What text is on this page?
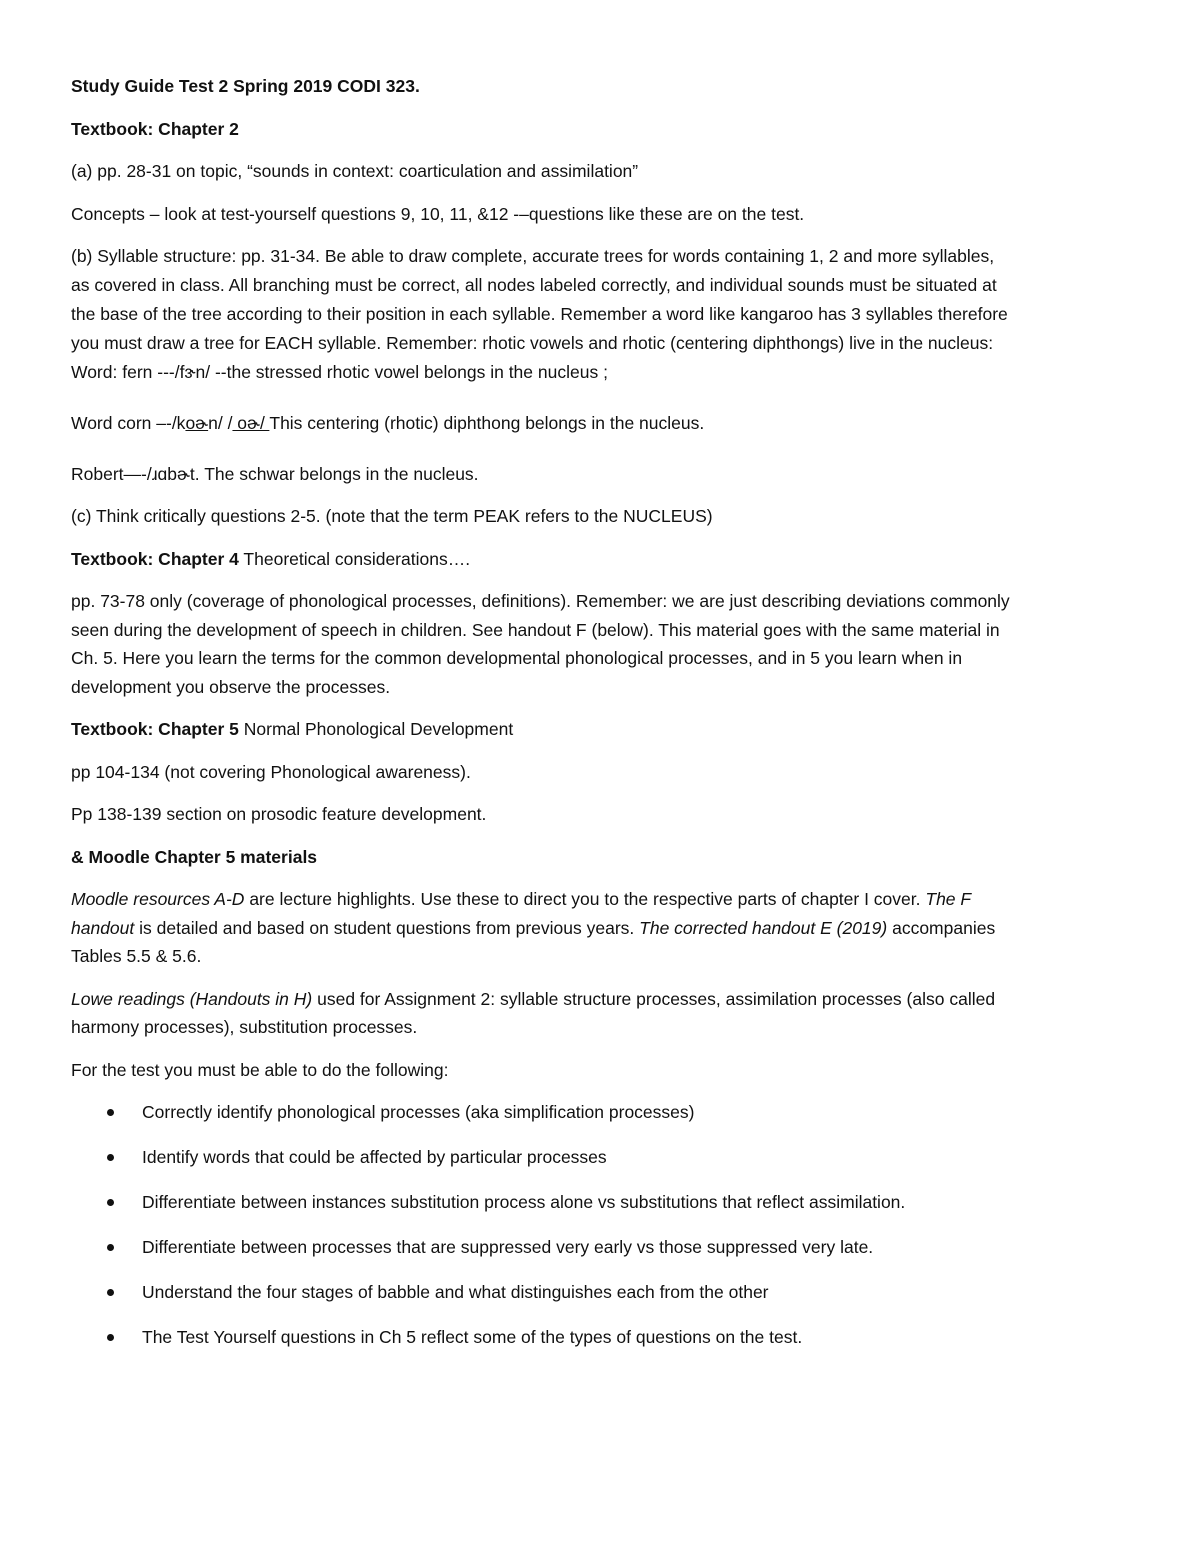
Study Guide Test 2 Spring 2019 CODI 323.

Textbook: Chapter 2

(a) pp. 28-31 on topic, “sounds in context: coarticulation and assimilation”

Concepts – look at test-yourself questions 9, 10, 11, &12 -–questions like these are on the test.

(b) Syllable structure: pp. 31-34. Be able to draw complete, accurate trees for words containing 1, 2 and more syllables,
as covered in class. All branching must be correct, all nodes labeled correctly, and individual sounds must be situated at
the base of the tree according to their position in each syllable. Remember a word like kangaroo has 3 syllables therefore
you must draw a tree for EACH syllable. Remember: rhotic vowels and rhotic (centering diphthongs) live in the nucleus:
Word: fern ---/fɝn/ --the stressed rhotic vowel belongs in the nucleus ;

Word corn –-/koɚn/ / oɚ/ This centering (rhotic) diphthong belongs in the nucleus.

Robert—-/ɹɑbɚt. The schwar belongs in the nucleus.

(c) Think critically questions 2-5. (note that the term PEAK refers to the NUCLEUS)

Textbook: Chapter 4 Theoretical considerations….

pp. 73-78 only (coverage of phonological processes, definitions). Remember: we are just describing deviations commonly
seen during the development of speech in children. See handout F (below). This material goes with the same material in
Ch. 5. Here you learn the terms for the common developmental phonological processes, and in 5 you learn when in
development you observe the processes.

Textbook: Chapter 5 Normal Phonological Development

pp 104-134 (not covering Phonological awareness).

Pp 138-139 section on prosodic feature development.

& Moodle Chapter 5 materials

Moodle resources A-D are lecture highlights. Use these to direct you to the respective parts of chapter I cover. The F
handout is detailed and based on student questions from previous years. The corrected handout E (2019) accompanies
Tables 5.5 & 5.6.

Lowe readings (Handouts in H) used for Assignment 2: syllable structure processes, assimilation processes (also called
harmony processes), substitution processes.

For the test you must be able to do the following:

Correctly identify phonological processes (aka simplification processes)
Identify words that could be affected by particular processes
Differentiate between instances substitution process alone vs substitutions that reflect assimilation.
Differentiate between processes that are suppressed very early vs those suppressed very late.
Understand the four stages of babble and what distinguishes each from the other
The Test Yourself questions in Ch 5 reflect some of the types of questions on the test.
